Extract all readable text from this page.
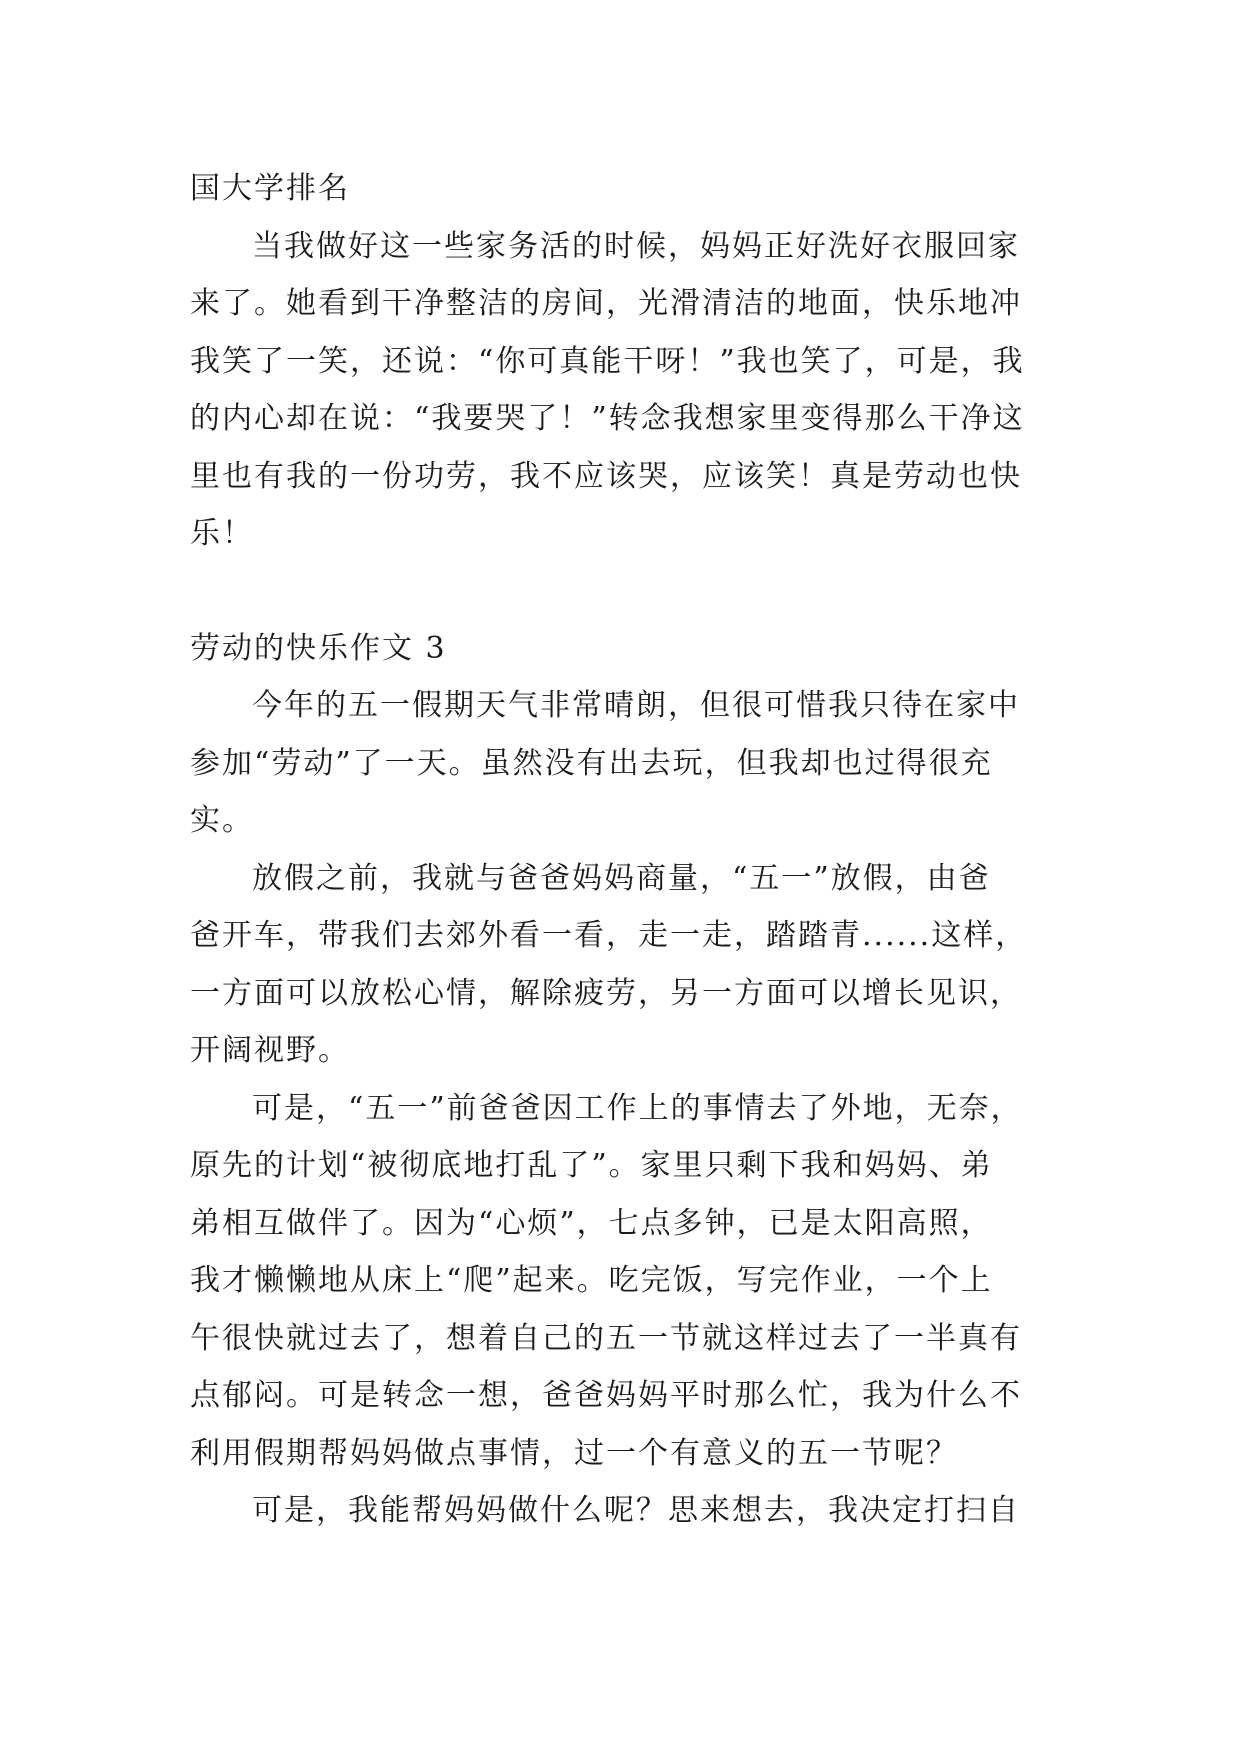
国大学排名

当我做好这一些家务活的时候，妈妈正好洗好衣服回家

来了。她看到干净整洁的房间，光滑清洁的地面，快乐地冲

我笑了一笑，还说：“你可真能干呀！”我也笑了，可是，我

的内心却在说：“我要哭了！”转念我想家里变得那么干净这

里也有我的一份功劳，我不应该哭，应该笑！真是劳动也快

乐！

劳动的快乐作文 3

今年的五一假期天气非常晴朗，但很可惜我只待在家中

参加“劳动”了一天。虽然没有出去玩，但我却也过得很充

实。

放假之前，我就与爸爸妈妈商量，“五一”放假，由爸

爸开车，带我们去郊外看一看，走一走，踏踏青......这样，

一方面可以放松心情，解除疲劳，另一方面可以增长见识，

开阔视野。

可是，“五一”前爸爸因工作上的事情去了外地，无奈，

原先的计划“被彻底地打乱了”。家里只剩下我和妈妈、弟

弟相互做伴了。因为“心烦”，七点多钟，已是太阳高照，

我才懒懒地从床上“爬”起来。吃完饭，写完作业，一个上

午很快就过去了，想着自己的五一节就这样过去了一半真有

点郁闷。可是转念一想，爸爸妈妈平时那么忙，我为什么不

利用假期帮妈妈做点事情，过一个有意义的五一节呢？

可是，我能帮妈妈做什么呢？思来想去，我决定打扫自
